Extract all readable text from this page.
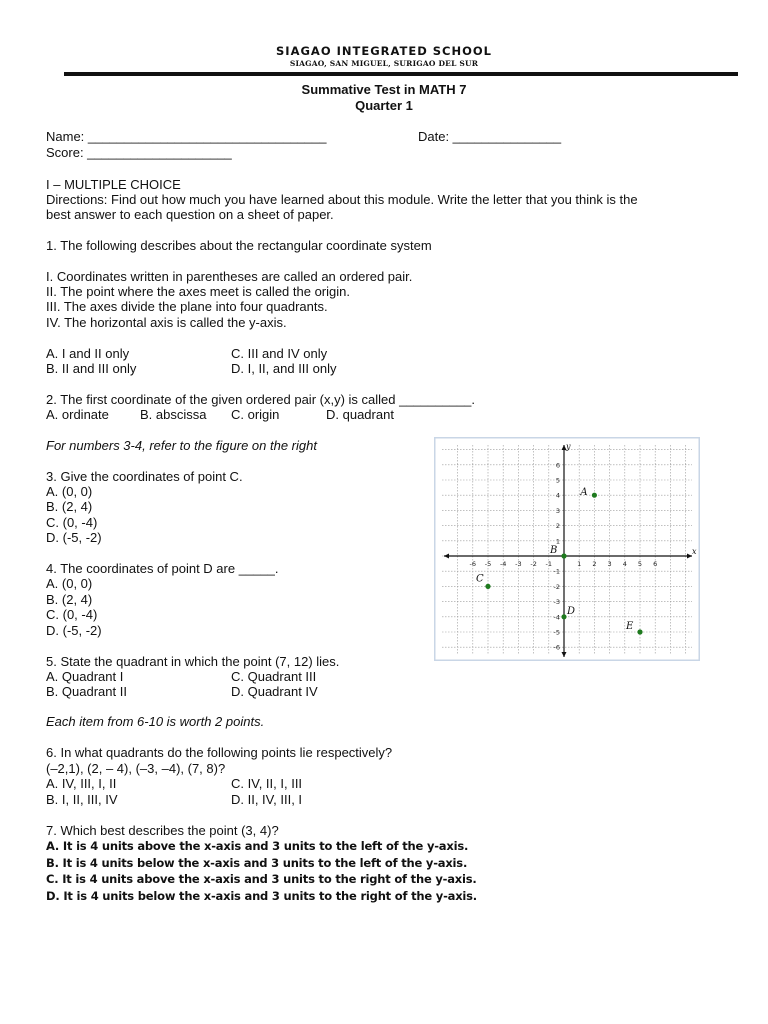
SIAGAO INTEGRATED SCHOOL
SIAGAO, SAN MIGUEL, SURIGAO DEL SUR
Summative Test in MATH 7
Quarter 1
Name: _________________________________	Date: _______________
Score: ____________________
I – MULTIPLE CHOICE
Directions: Find out how much you have learned about this module. Write the letter that you think is the
best answer to each question on a sheet of paper.
1. The following describes about the rectangular coordinate system
I. Coordinates written in parentheses are called an ordered pair.
II. The point where the axes meet is called the origin.
III. The axes divide the plane into four quadrants.
IV. The horizontal axis is called the y-axis.
A. I and II only	C. III and IV only
B. II and III only	D. I, II, and III only
2. The first coordinate of the given ordered pair (x,y) is called __________.
A. ordinate B. abscissa C. origin	D. quadrant
For numbers 3-4, refer to the figure on the right
3. Give the coordinates of point C.
A. (0, 0)
B. (2, 4)
C. (0, -4)
D. (-5, -2)
4. The coordinates of point D are _____.
A. (0, 0)
B. (2, 4)
C. (0, -4)
D. (-5, -2)
5. State the quadrant in which the point (7, 12) lies.
A. Quadrant I	C. Quadrant III
B. Quadrant II	D. Quadrant IV
Each item from 6-10 is worth 2 points.
6. In what quadrants do the following points lie respectively?
(–2,1), (2, – 4), (–3, –4), (7, 8)?
A. IV, III, I, II	C. IV, II, I, III
B. I, II, III, IV	D. II, IV, III, I
7. Which best describes the point (3, 4)?
A. It is 4 units above the x-axis and 3 units to the left of the y-axis.
B. It is 4 units below the x-axis and 3 units to the left of the y-axis.
C. It is 4 units above the x-axis and 3 units to the right of the y-axis.
D. It is 4 units below the x-axis and 3 units to the right of the y-axis.
x
y
-6 -5 -4 -3 -2 -1	1 2 3 4 5 6
6
5
4
3
2
1
-1
-2
-3
-4
-5
-6
A
B
C
D
E
